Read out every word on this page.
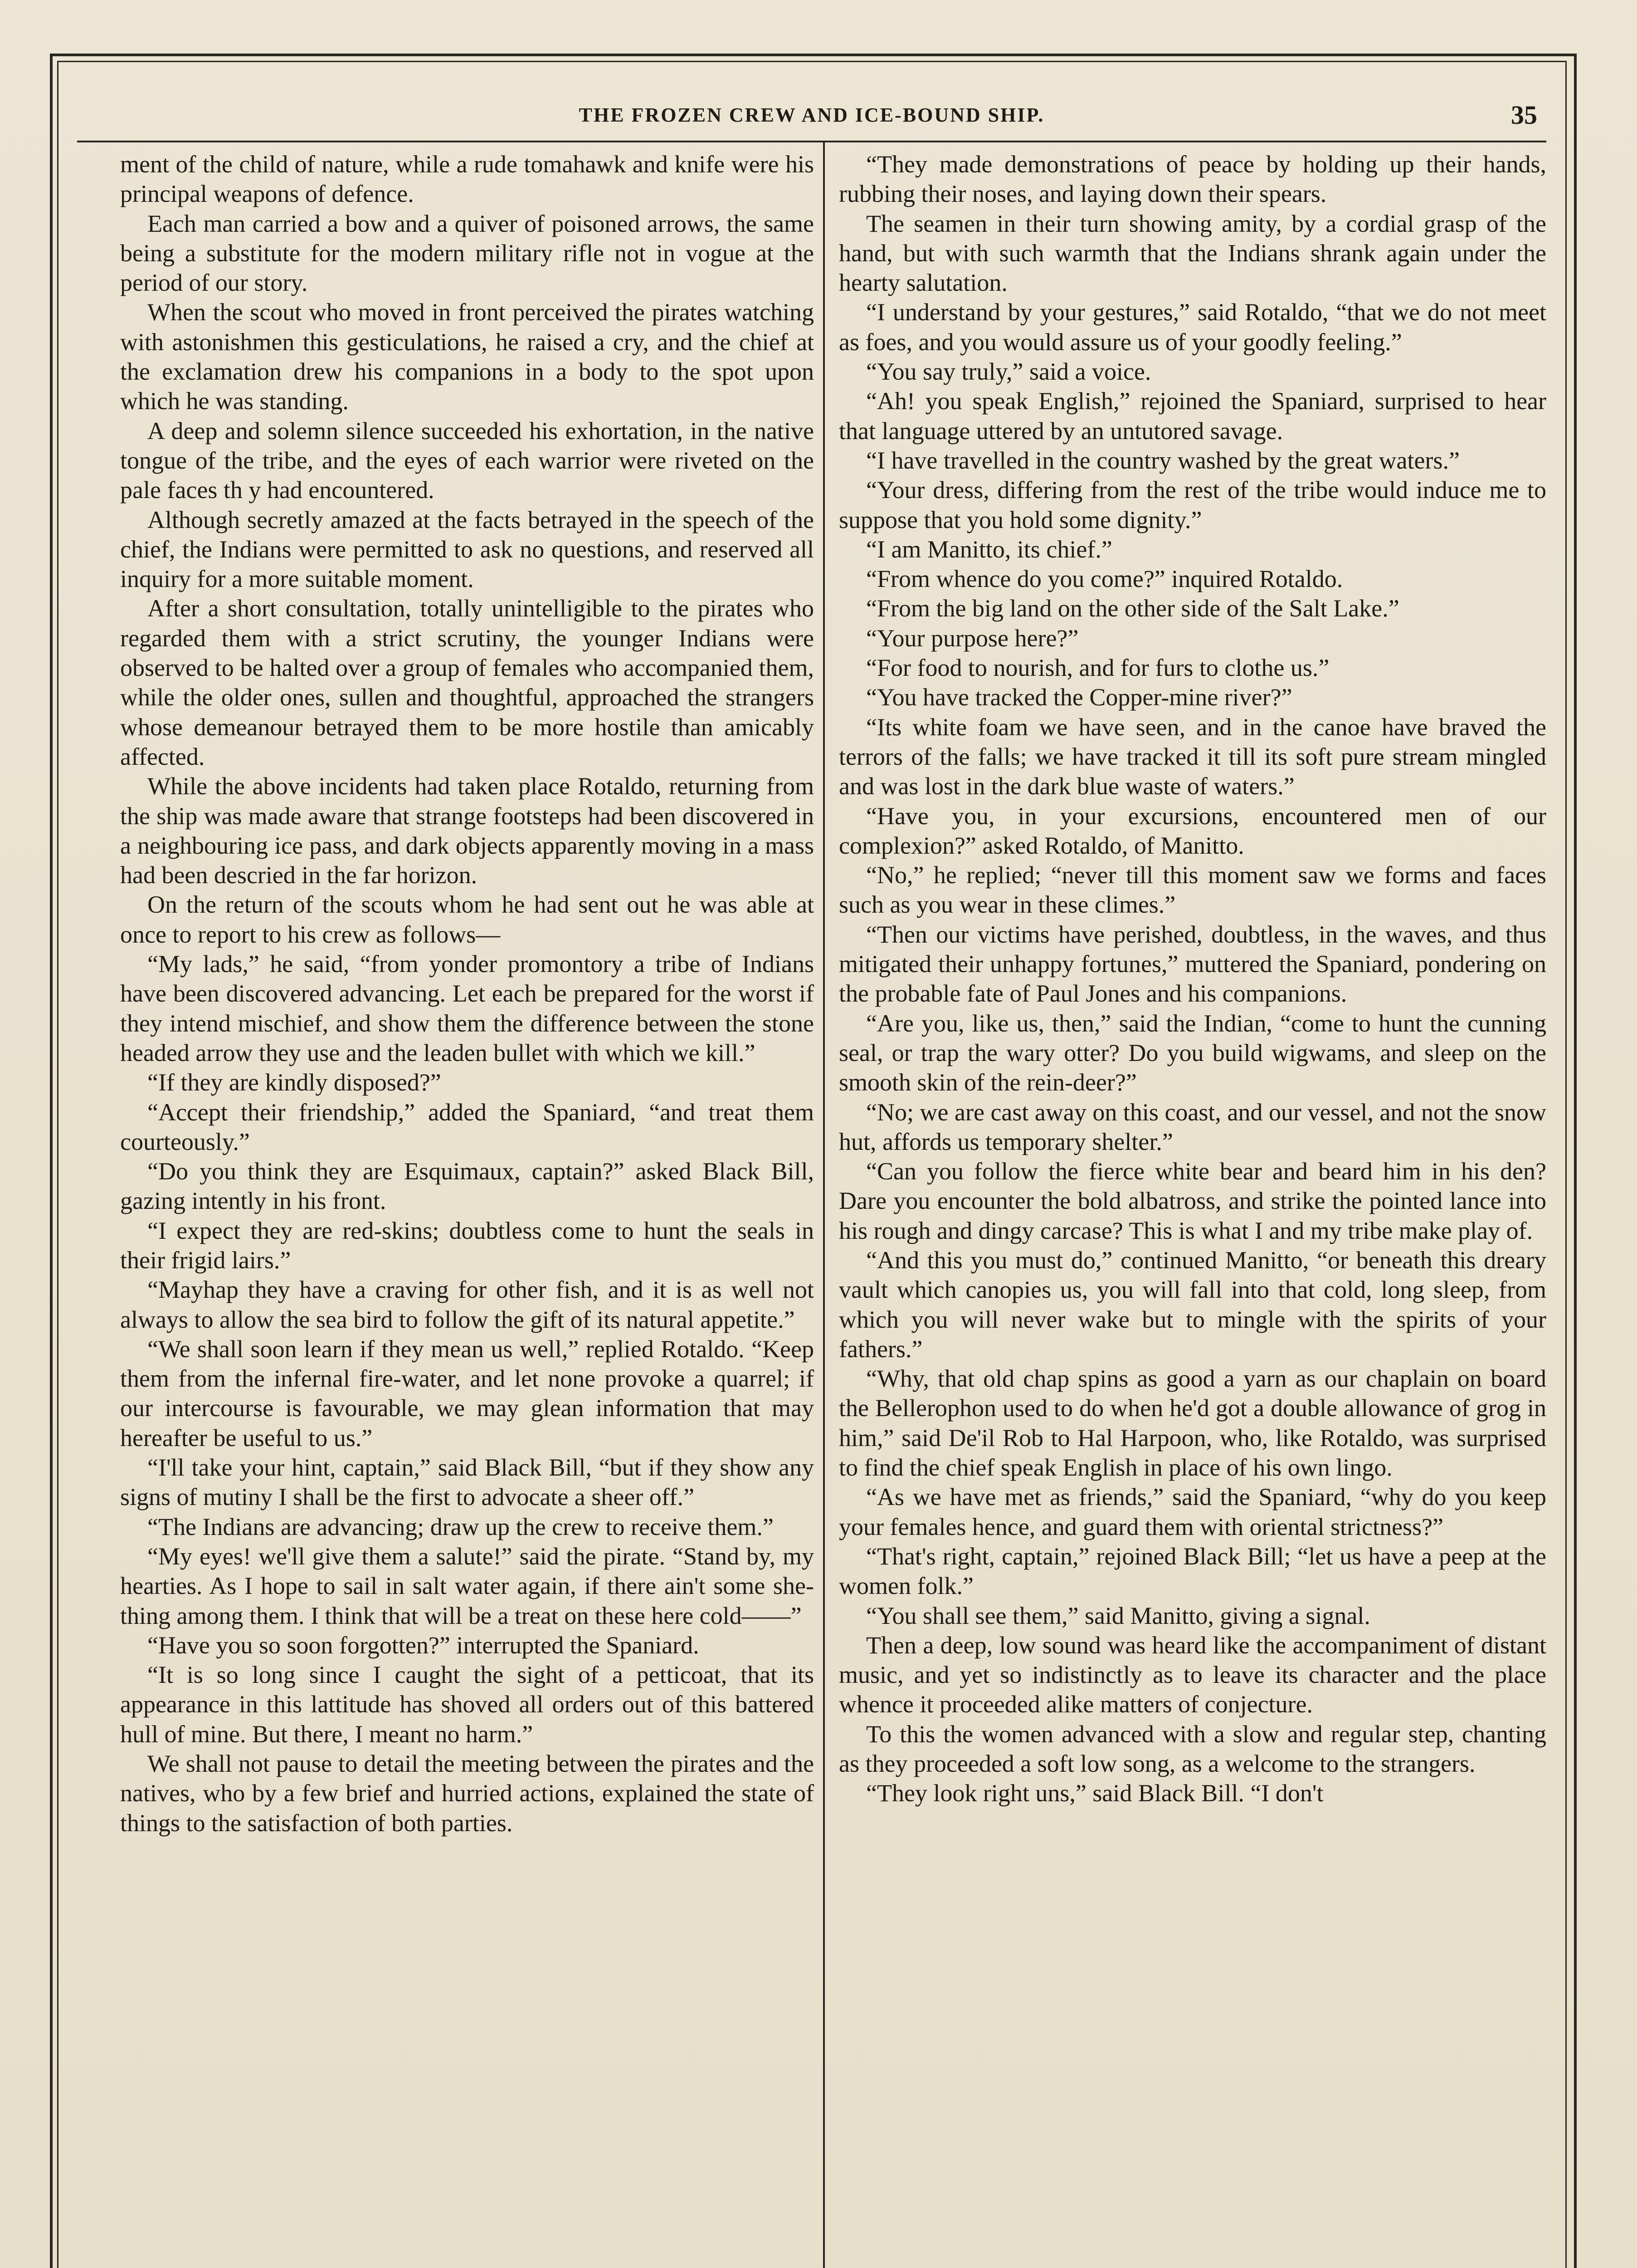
THE FROZEN CREW AND ICE-BOUND SHIP.	35

ment of the child of nature, while a rude tomahawk and knife were his principal weapons of defence.

Each man carried a bow and a quiver of poisoned arrows, the same being a substitute for the modern military rifle not in vogue at the period of our story.

When the scout who moved in front perceived the pirates watching with astonishmen this gesticulations, he raised a cry, and the chief at the exclamation drew his companions in a body to the spot upon which he was standing.

A deep and solemn silence succeeded his exhortation, in the native tongue of the tribe, and the eyes of each warrior were riveted on the pale faces th y had encountered.

Although secretly amazed at the facts betrayed in the speech of the chief, the Indians were permitted to ask no questions, and reserved all inquiry for a more suitable moment.

After a short consultation, totally unintelligible to the pirates who regarded them with a strict scrutiny, the younger Indians were observed to be halted over a group of females who accompanied them, while the older ones, sullen and thoughtful, approached the strangers whose demeanour betrayed them to be more hostile than amicably affected.

While the above incidents had taken place Rotaldo, returning from the ship was made aware that strange footsteps had been discovered in a neighbouring ice pass, and dark objects apparently moving in a mass had been descried in the far horizon.

On the return of the scouts whom he had sent out he was able at once to report to his crew as follows—

“My lads,” he said, “from yonder promontory a tribe of Indians have been discovered advancing. Let each be prepared for the worst if they intend mischief, and show them the difference between the stone headed arrow they use and the leaden bullet with which we kill.”

“If they are kindly disposed?”

“Accept their friendship,” added the Spaniard, “and treat them courteously.”

“Do you think they are Esquimaux, captain?” asked Black Bill, gazing intently in his front.

“I expect they are red-skins; doubtless come to hunt the seals in their frigid lairs.”

“Mayhap they have a craving for other fish, and it is as well not always to allow the sea bird to follow the gift of its natural appetite.”

“We shall soon learn if they mean us well,” replied Rotaldo. “Keep them from the infernal fire-water, and let none provoke a quarrel; if our intercourse is favourable, we may glean information that may hereafter be useful to us.”

“I'll take your hint, captain,” said Black Bill, “but if they show any signs of mutiny I shall be the first to advocate a sheer off.”

“The Indians are advancing; draw up the crew to receive them.”

“My eyes! we'll give them a salute!” said the pirate. “Stand by, my hearties. As I hope to sail in salt water again, if there ain't some she-thing among them. I think that will be a treat on these here cold——”

“Have you so soon forgotten?” interrupted the Spaniard.

“It is so long since I caught the sight of a petticoat, that its appearance in this lattitude has shoved all orders out of this battered hull of mine. But there, I meant no harm.”

We shall not pause to detail the meeting between the pirates and the natives, who by a few brief and hurried actions, explained the state of things to the satisfaction of both parties.

“They made demonstrations of peace by holding up their hands, rubbing their noses, and laying down their spears.

The seamen in their turn showing amity, by a cordial grasp of the hand, but with such warmth that the Indians shrank again under the hearty salutation.

“I understand by your gestures,” said Rotaldo, “that we do not meet as foes, and you would assure us of your goodly feeling.”

“You say truly,” said a voice.

“Ah! you speak English,” rejoined the Spaniard, surprised to hear that language uttered by an untutored savage.

“I have travelled in the country washed by the great waters.”

“Your dress, differing from the rest of the tribe would induce me to suppose that you hold some dignity.”

“I am Manitto, its chief.”

“From whence do you come?” inquired Rotaldo.

“From the big land on the other side of the Salt Lake.”

“Your purpose here?”

“For food to nourish, and for furs to clothe us.”

“You have tracked the Copper-mine river?”

“Its white foam we have seen, and in the canoe have braved the terrors of the falls; we have tracked it till its soft pure stream mingled and was lost in the dark blue waste of waters.”

“Have you, in your excursions, encountered men of our complexion?” asked Rotaldo, of Manitto.

“No,” he replied; “never till this moment saw we forms and faces such as you wear in these climes.”

“Then our victims have perished, doubtless, in the waves, and thus mitigated their unhappy fortunes,” muttered the Spaniard, pondering on the probable fate of Paul Jones and his companions.

“Are you, like us, then,” said the Indian, “come to hunt the cunning seal, or trap the wary otter? Do you build wigwams, and sleep on the smooth skin of the rein-deer?”

“No; we are cast away on this coast, and our vessel, and not the snow hut, affords us temporary shelter.”

“Can you follow the fierce white bear and beard him in his den? Dare you encounter the bold albatross, and strike the pointed lance into his rough and dingy carcase? This is what I and my tribe make play of.

“And this you must do,” continued Manitto, “or beneath this dreary vault which canopies us, you will fall into that cold, long sleep, from which you will never wake but to mingle with the spirits of your fathers.”

“Why, that old chap spins as good a yarn as our chaplain on board the Bellerophon used to do when he'd got a double allowance of grog in him,” said De'il Rob to Hal Harpoon, who, like Rotaldo, was surprised to find the chief speak English in place of his own lingo.

“As we have met as friends,” said the Spaniard, “why do you keep your females hence, and guard them with oriental strictness?”

“That's right, captain,” rejoined Black Bill; “let us have a peep at the women folk.”

“You shall see them,” said Manitto, giving a signal.

Then a deep, low sound was heard like the accompaniment of distant music, and yet so indistinctly as to leave its character and the place whence it proceeded alike matters of conjecture.

To this the women advanced with a slow and regular step, chanting as they proceeded a soft low song, as a welcome to the strangers.

“They look right uns,” said Black Bill. “I don't
